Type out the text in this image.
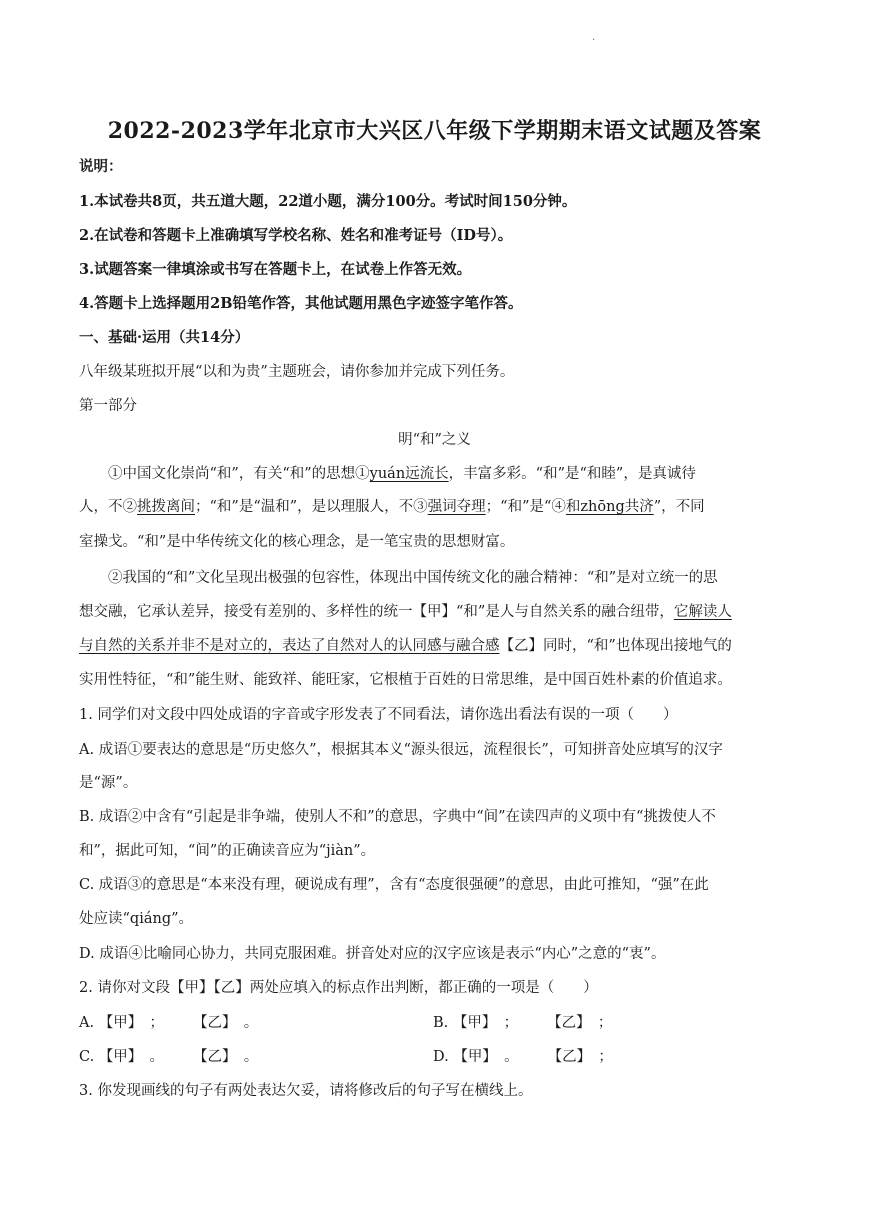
.
2022-2023学年北京市大兴区八年级下学期期末语文试题及答案
说明：
1.本试卷共8页，共五道大题，22道小题，满分100分。考试时间150分钟。
2.在试卷和答题卡上准确填写学校名称、姓名和准考证号（ID号）。
3.试题答案一律填涂或书写在答题卡上，在试卷上作答无效。
4.答题卡上选择题用2B铅笔作答，其他试题用黑色字迹签字笔作答。
一、基础·运用（共14分）
八年级某班拟开展“以和为贵”主题班会，请你参加并完成下列任务。
第一部分
明“和”之义
①中国文化崇尚“和”，有关“和”的思想①yuán远流长，丰富多彩。“和”是“和睦”，是真诚待
人，不②挑拨离间；“和”是“温和”，是以理服人，不③强词夺理；“和”是“④和zhōng共济”，不同
室操戈。“和”是中华传统文化的核心理念，是一笔宝贵的思想财富。
②我国的“和”文化呈现出极强的包容性，体现出中国传统文化的融合精神：“和”是对立统一的思
想交融，它承认差异，接受有差别的、多样性的统一【甲】“和”是人与自然关系的融合纽带，它解读人
与自然的关系并非不是对立的，表达了自然对人的认同感与融合感【乙】同时，“和”也体现出接地气的
实用性特征，“和”能生财、能致祥、能旺家，它根植于百姓的日常思维，是中国百姓朴素的价值追求。
1. 同学们对文段中四处成语的字音或字形发表了不同看法，请你选出看法有误的一项（　　）
A. 成语①要表达的意思是“历史悠久”，根据其本义“源头很远，流程很长”，可知拼音处应填写的汉字
是“源”。
B. 成语②中含有“引起是非争端，使别人不和”的意思，字典中“间”在读四声的义项中有“挑拨使人不
和”，据此可知，“间”的正确读音应为“jiàn”。
C. 成语③的意思是“本来没有理，硬说成有理”，含有“态度很强硬”的意思，由此可推知，“强”在此
处应读“qiáng”。
D. 成语④比喻同心协力，共同克服困难。拼音处对应的汉字应该是表示“内心”之意的“衷”。
2. 请你对文段【甲】【乙】两处应填入的标点作出判断，都正确的一项是（　　）
A. 【甲】　；　　　【乙】　。	B. 【甲】　；　　　【乙】　；
C. 【甲】　。　　　【乙】　。	D. 【甲】　。　　　【乙】　；
3. 你发现画线的句子有两处表达欠妥，请将修改后的句子写在横线上。
